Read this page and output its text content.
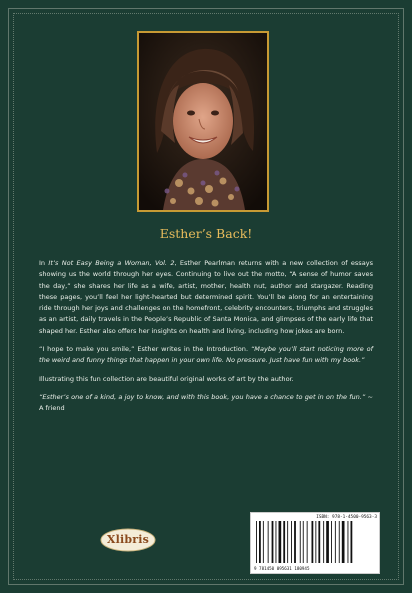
Esther’s Back!

In It’s Not Easy Being a Woman, Vol. 2, Esther Pearlman returns with a new collection of essays showing us the world through her eyes. Continuing to live out the motto, “A sense of humor saves the day,” she shares her life as a wife, artist, mother, health nut, author and stargazer. Reading these pages, you’ll feel her light-hearted but determined spirit. You’ll be along for an entertaining ride through her joys and challenges on the homefront, celebrity encounters, triumphs and struggles as an artist, daily travels in the People’s Republic of Santa Monica, and glimpses of the early life that shaped her. Esther also offers her insights on health and living, including how jokes are born.

“I hope to make you smile,” Esther writes in the Introduction. “Maybe you’ll start noticing more of the weird and funny things that happen in your own life. No pressure. Just have fun with my book.”

Illustrating this fun collection are beautiful original works of art by the author.

“Esther’s one of a kind, a joy to know, and with this book, you have a chance to get in on the fun.” ~ A friend

Xlibris
ISBN: 978-1-4500-9563-3
9 781450 095631 180945
